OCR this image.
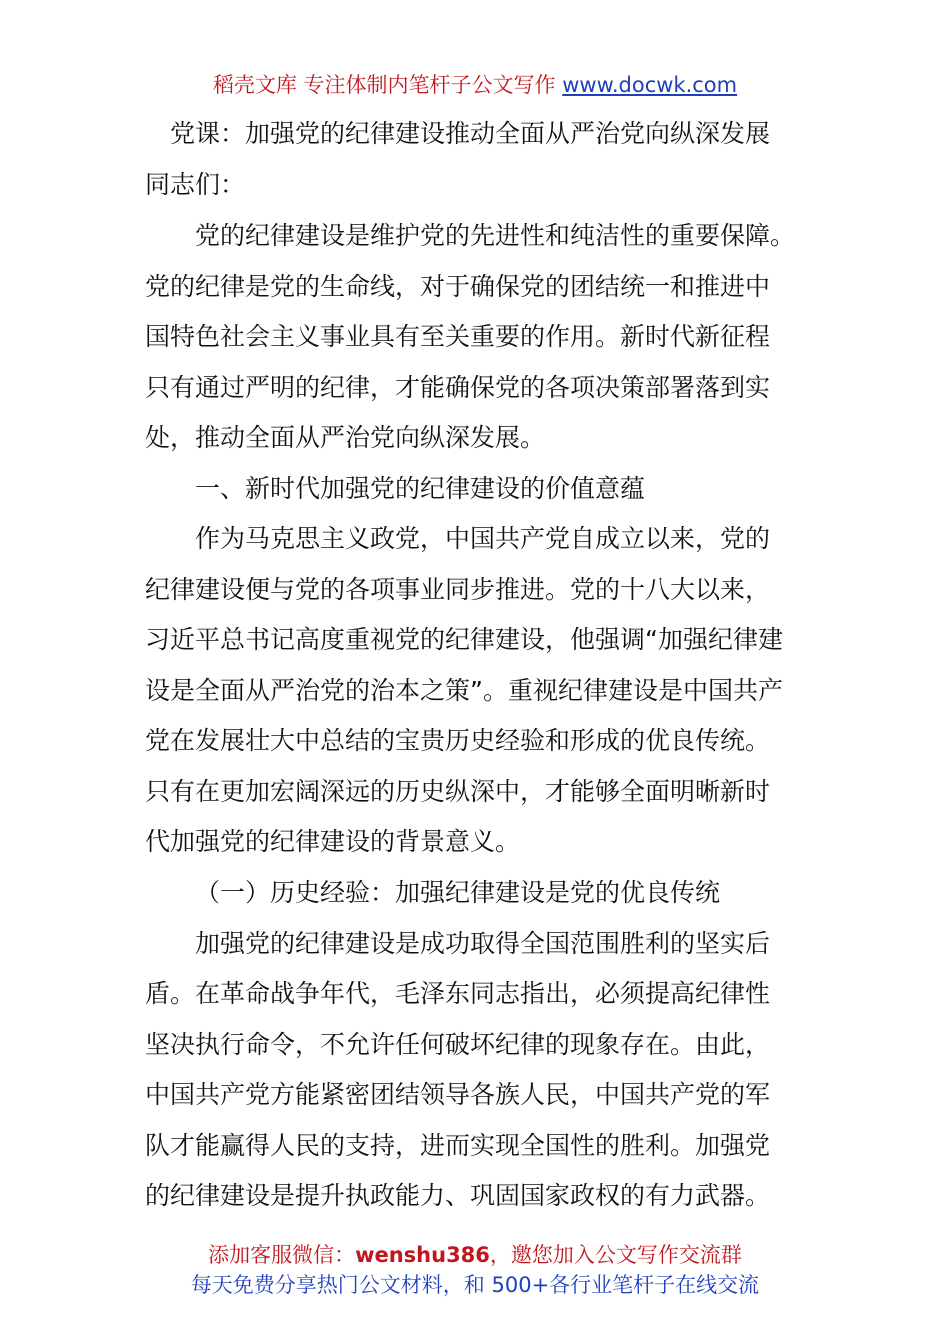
稻壳文库 专注体制内笔杆子公文写作 www.docwk.com
党课：加强党的纪律建设推动全面从严治党向纵深发展
同志们：
党的纪律建设是维护党的先进性和纯洁性的重要保障。
党的纪律是党的生命线，对于确保党的团结统一和推进中
国特色社会主义事业具有至关重要的作用。新时代新征程
只有通过严明的纪律，才能确保党的各项决策部署落到实
处，推动全面从严治党向纵深发展。
一、新时代加强党的纪律建设的价值意蕴
作为马克思主义政党，中国共产党自成立以来，党的
纪律建设便与党的各项事业同步推进。党的十八大以来，
习近平总书记高度重视党的纪律建设，他强调“加强纪律建
设是全面从严治党的治本之策”。重视纪律建设是中国共产
党在发展壮大中总结的宝贵历史经验和形成的优良传统。
只有在更加宏阔深远的历史纵深中，才能够全面明晰新时
代加强党的纪律建设的背景意义。
（一）历史经验：加强纪律建设是党的优良传统
加强党的纪律建设是成功取得全国范围胜利的坚实后
盾。在革命战争年代，毛泽东同志指出，必须提高纪律性
坚决执行命令，不允许任何破坏纪律的现象存在。由此，
中国共产党方能紧密团结领导各族人民，中国共产党的军
队才能赢得人民的支持，进而实现全国性的胜利。加强党
的纪律建设是提升执政能力、巩固国家政权的有力武器。
添加客服微信：wenshu386，邀您加入公文写作交流群
每天免费分享热门公文材料，和 500+各行业笔杆子在线交流
